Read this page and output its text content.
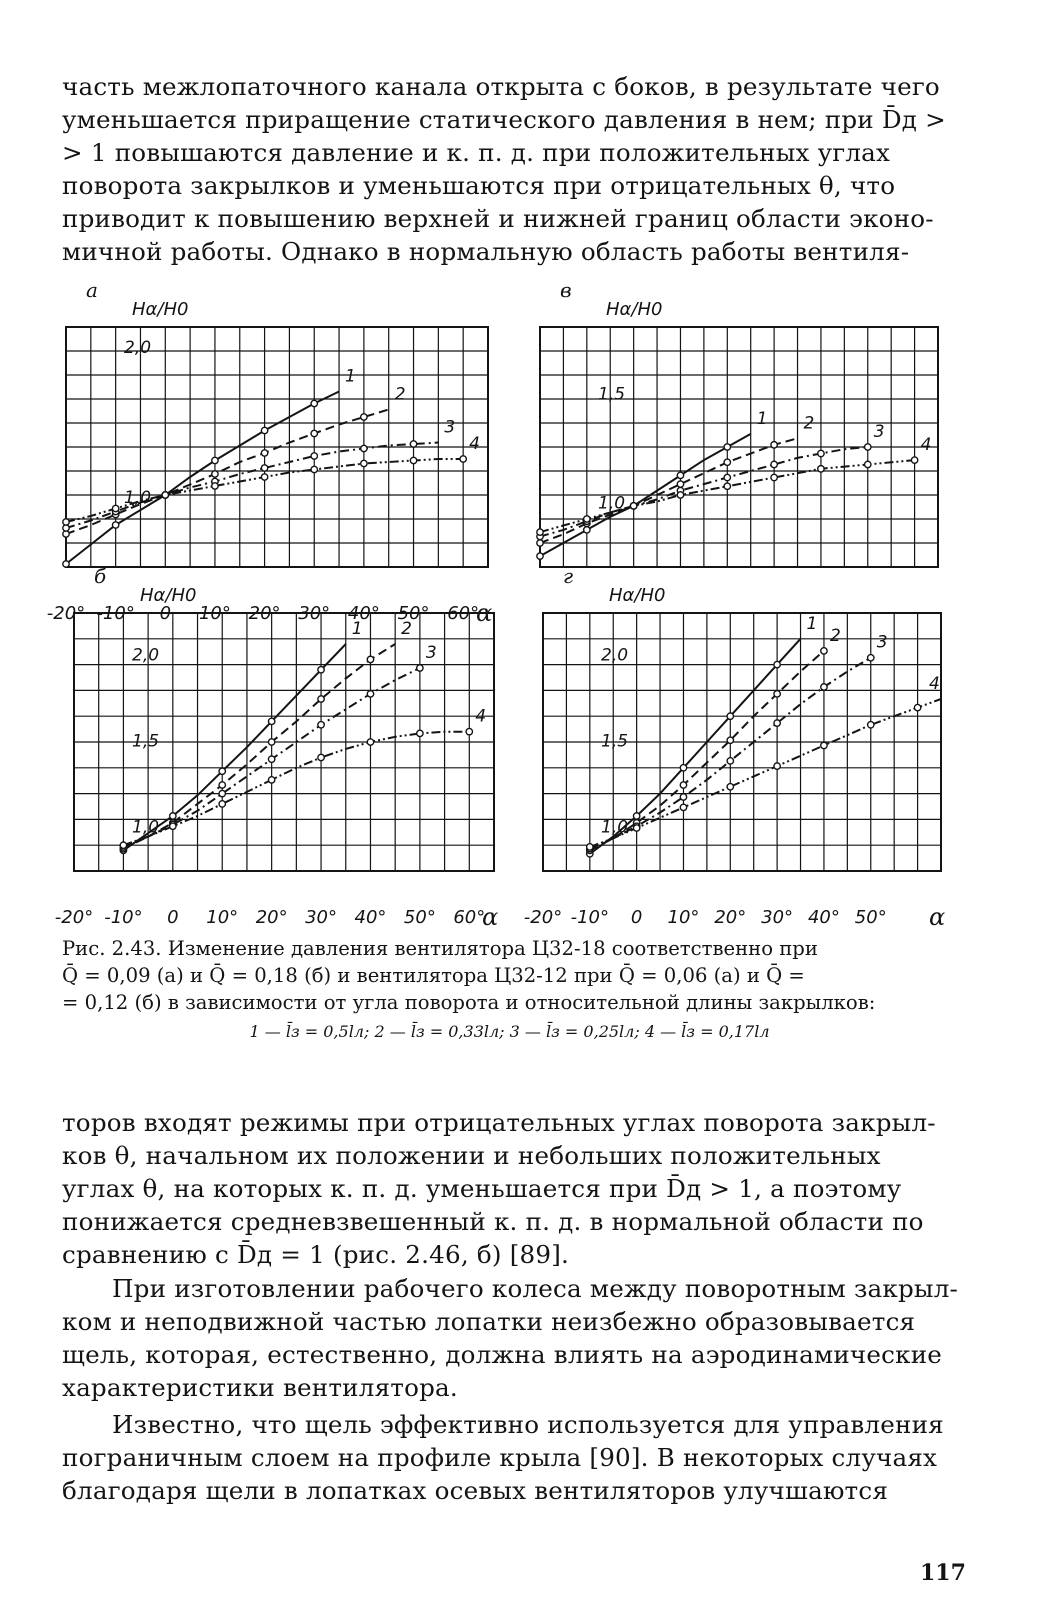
часть межлопаточного канала открыта с боков, в результате чего
уменьшается приращение статического давления в нем; при D̄д >
> 1 повышаются давление и к. п. д. при положительных углах
поворота закрылков и уменьшаются при отрицательных θ, что
приводит к повышению верхней и нижней границ области эконо-
мичной работы. Однако в нормальную область работы вентиля-
а
Hα/H0
1,0
2,0
1
2
3
4
-20° -10° 0 10° 20° 30° 40° 50° 60°
α
в
Hα/H0
1,0
1,5
1 2	3
4
б
Hα/H0
1,0
1,5
2,0
1 2
3
4
-20° -10° 0 10° 20° 30° 40° 50° 60°
α
г
Hα/H0
1,0
1,5
2,0
1
2 3
4
-20° -10° 0 10° 20° 30° 40° 50° α
Рис. 2.43. Изменение давления вентилятора Ц32-18 соответственно при
Q̄ = 0,09 (а) и Q̄ = 0,18 (б) и вентилятора Ц32-12 при Q̄ = 0,06 (а) и Q̄ =
= 0,12 (б) в зависимости от угла поворота и относительной длины закрылков:
1 — l̄з = 0,5lл; 2 — l̄з = 0,33lл; 3 — l̄з = 0,25lл; 4 — l̄з = 0,17lл
торов входят режимы при отрицательных углах поворота закрыл-
ков θ, начальном их положении и небольших положительных
углах θ, на которых к. п. д. уменьшается при D̄д > 1, а поэтому
понижается средневзвешенный к. п. д. в нормальной области по
сравнению с D̄д = 1 (рис. 2.46, б) [89].
При изготовлении рабочего колеса между поворотным закрыл-
ком и неподвижной частью лопатки неизбежно образовывается
щель, которая, естественно, должна влиять на аэродинамические
характеристики вентилятора.
Известно, что щель эффективно используется для управления
пограничным слоем на профиле крыла [90]. В некоторых случаях
благодаря щели в лопатках осевых вентиляторов улучшаются
117
